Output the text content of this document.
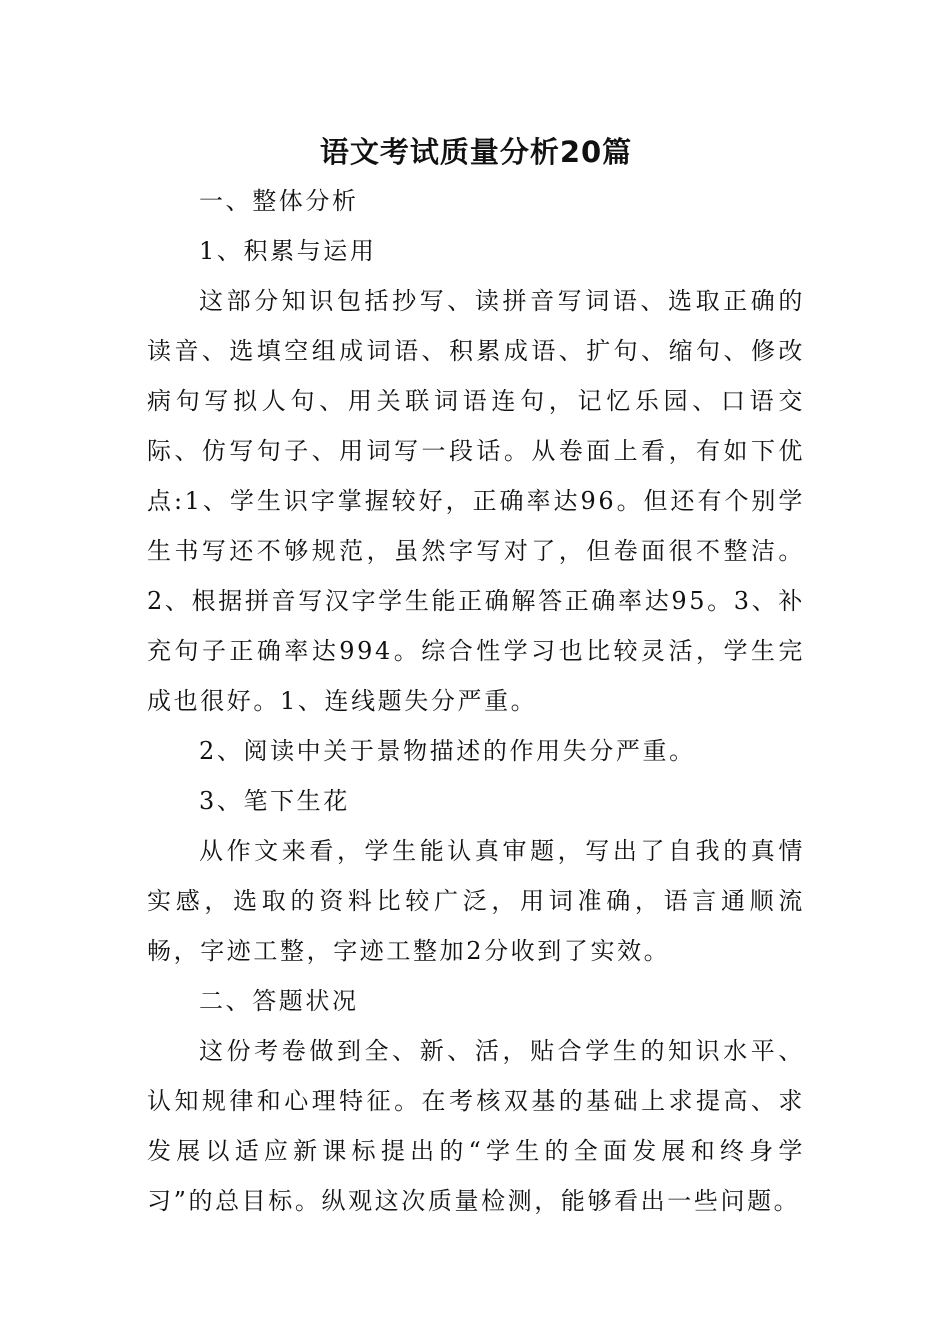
语文考试质量分析20篇

一、整体分析

1、积累与运用

这部分知识包括抄写、读拼音写词语、选取正确的读音、选填空组成词语、积累成语、扩句、缩句、修改病句写拟人句、用关联词语连句，记忆乐园、口语交际、仿写句子、用词写一段话。从卷面上看，有如下优点:1、学生识字掌握较好，正确率达96。但还有个别学生书写还不够规范，虽然字写对了，但卷面很不整洁。2、根据拼音写汉字学生能正确解答正确率达95。3、补充句子正确率达994。综合性学习也比较灵活，学生完成也很好。1、连线题失分严重。

2、阅读中关于景物描述的作用失分严重。

3、笔下生花

从作文来看，学生能认真审题，写出了自我的真情实感，选取的资料比较广泛，用词准确，语言通顺流畅，字迹工整，字迹工整加2分收到了实效。

二、答题状况

这份考卷做到全、新、活，贴合学生的知识水平、认知规律和心理特征。在考核双基的基础上求提高、求发展以适应新课标提出的“学生的全面发展和终身学习”的总目标。纵观这次质量检测，能够看出一些问题。
